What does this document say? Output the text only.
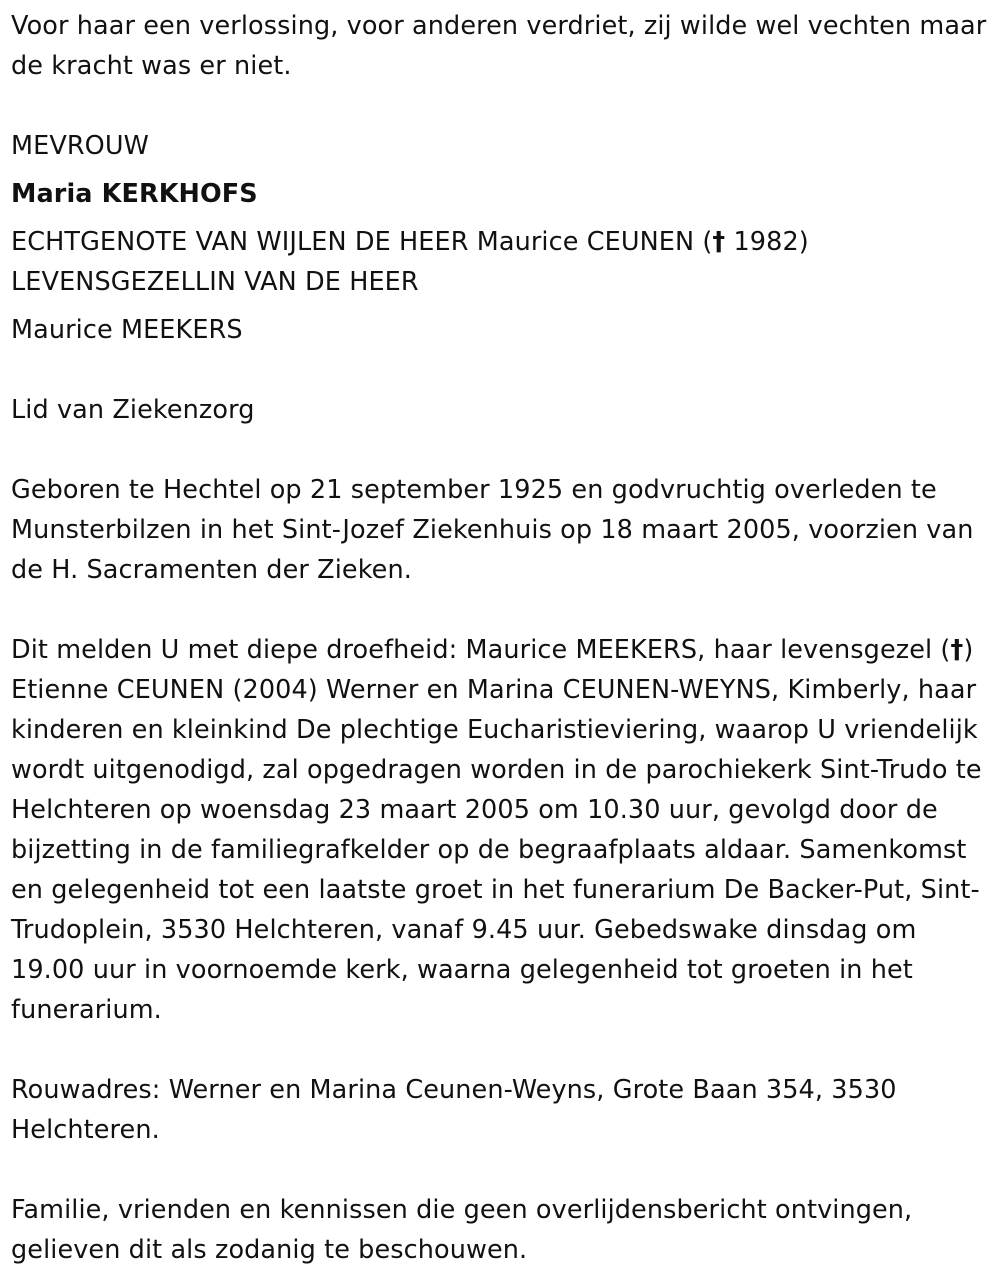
Voor haar een verlossing, voor anderen verdriet, zij wilde wel vechten maar de kracht was er niet.

MEVROUW

Maria KERKHOFS

ECHTGENOTE VAN WIJLEN DE HEER Maurice CEUNEN († 1982)

LEVENSGEZELLIN VAN DE HEER

Maurice MEEKERS

Lid van Ziekenzorg

Geboren te Hechtel op 21 september 1925 en godvruchtig overleden te Munsterbilzen in het Sint-Jozef Ziekenhuis op 18 maart 2005, voorzien van de H. Sacramenten der Zieken.

Dit melden U met diepe droefheid: Maurice MEEKERS, haar levensgezel (†) Etienne CEUNEN (2004) Werner en Marina CEUNEN-WEYNS, Kimberly, haar kinderen en kleinkind De plechtige Eucharistieviering, waarop U vriendelijk wordt uitgenodigd, zal opgedragen worden in de parochiekerk Sint-Trudo te Helchteren op woensdag 23 maart 2005 om 10.30 uur, gevolgd door de bijzetting in de familiegrafkelder op de begraafplaats aldaar. Samenkomst en gelegenheid tot een laatste groet in het funerarium De Backer-Put, Sint-Trudoplein, 3530 Helchteren, vanaf 9.45 uur. Gebedswake dinsdag om 19.00 uur in voornoemde kerk, waarna gelegenheid tot groeten in het funerarium.

Rouwadres: Werner en Marina Ceunen-Weyns, Grote Baan 354, 3530 Helchteren.

Familie, vrienden en kennissen die geen overlijdensbericht ontvingen, gelieven dit als zodanig te beschouwen.
